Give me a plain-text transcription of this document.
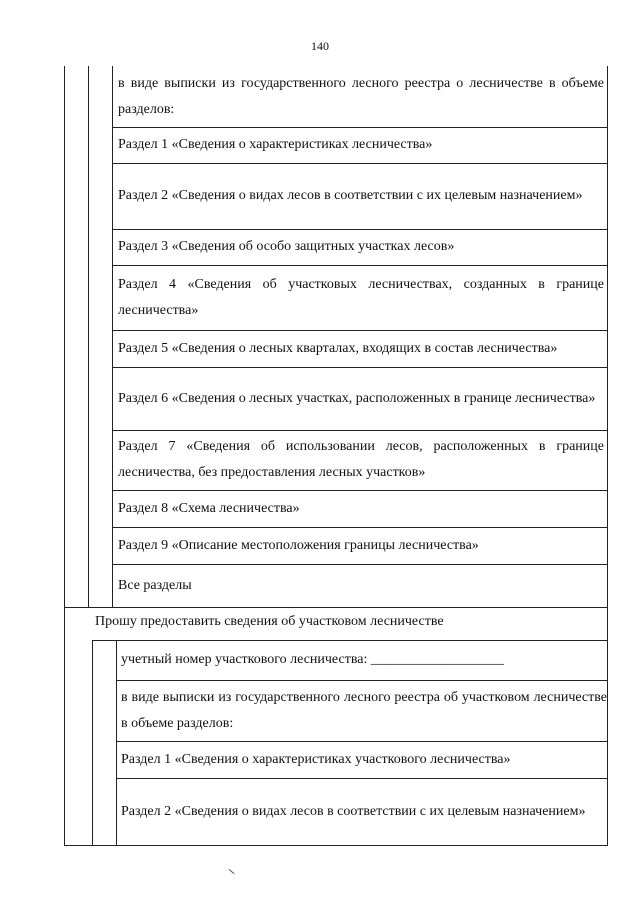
140
в виде выписки из государственного лесного реестра о лесничестве в объеме разделов:
Раздел 1 «Сведения о характеристиках лесничества»
Раздел 2 «Сведения о видах лесов в соответствии с их целевым назначением»
Раздел 3 «Сведения об особо защитных участках лесов»
Раздел 4 «Сведения об участковых лесничествах, созданных в границе лесничества»
Раздел 5 «Сведения о лесных кварталах, входящих в состав лесничества»
Раздел 6 «Сведения о лесных участках, расположенных в границе лесничества»
Раздел 7 «Сведения об использовании лесов, расположенных в границе лесничества, без предоставления лесных участков»
Раздел 8 «Схема лесничества»
Раздел 9 «Описание местоположения границы лесничества»
Все разделы
Прошу предоставить сведения об участковом лесничестве
учетный номер участкового лесничества: ___________________
в виде выписки из государственного лесного реестра об участковом лесничестве в объеме разделов:
Раздел 1 «Сведения о характеристиках участкового лесничества»
Раздел 2 «Сведения о видах лесов в соответствии с их целевым назначением»
